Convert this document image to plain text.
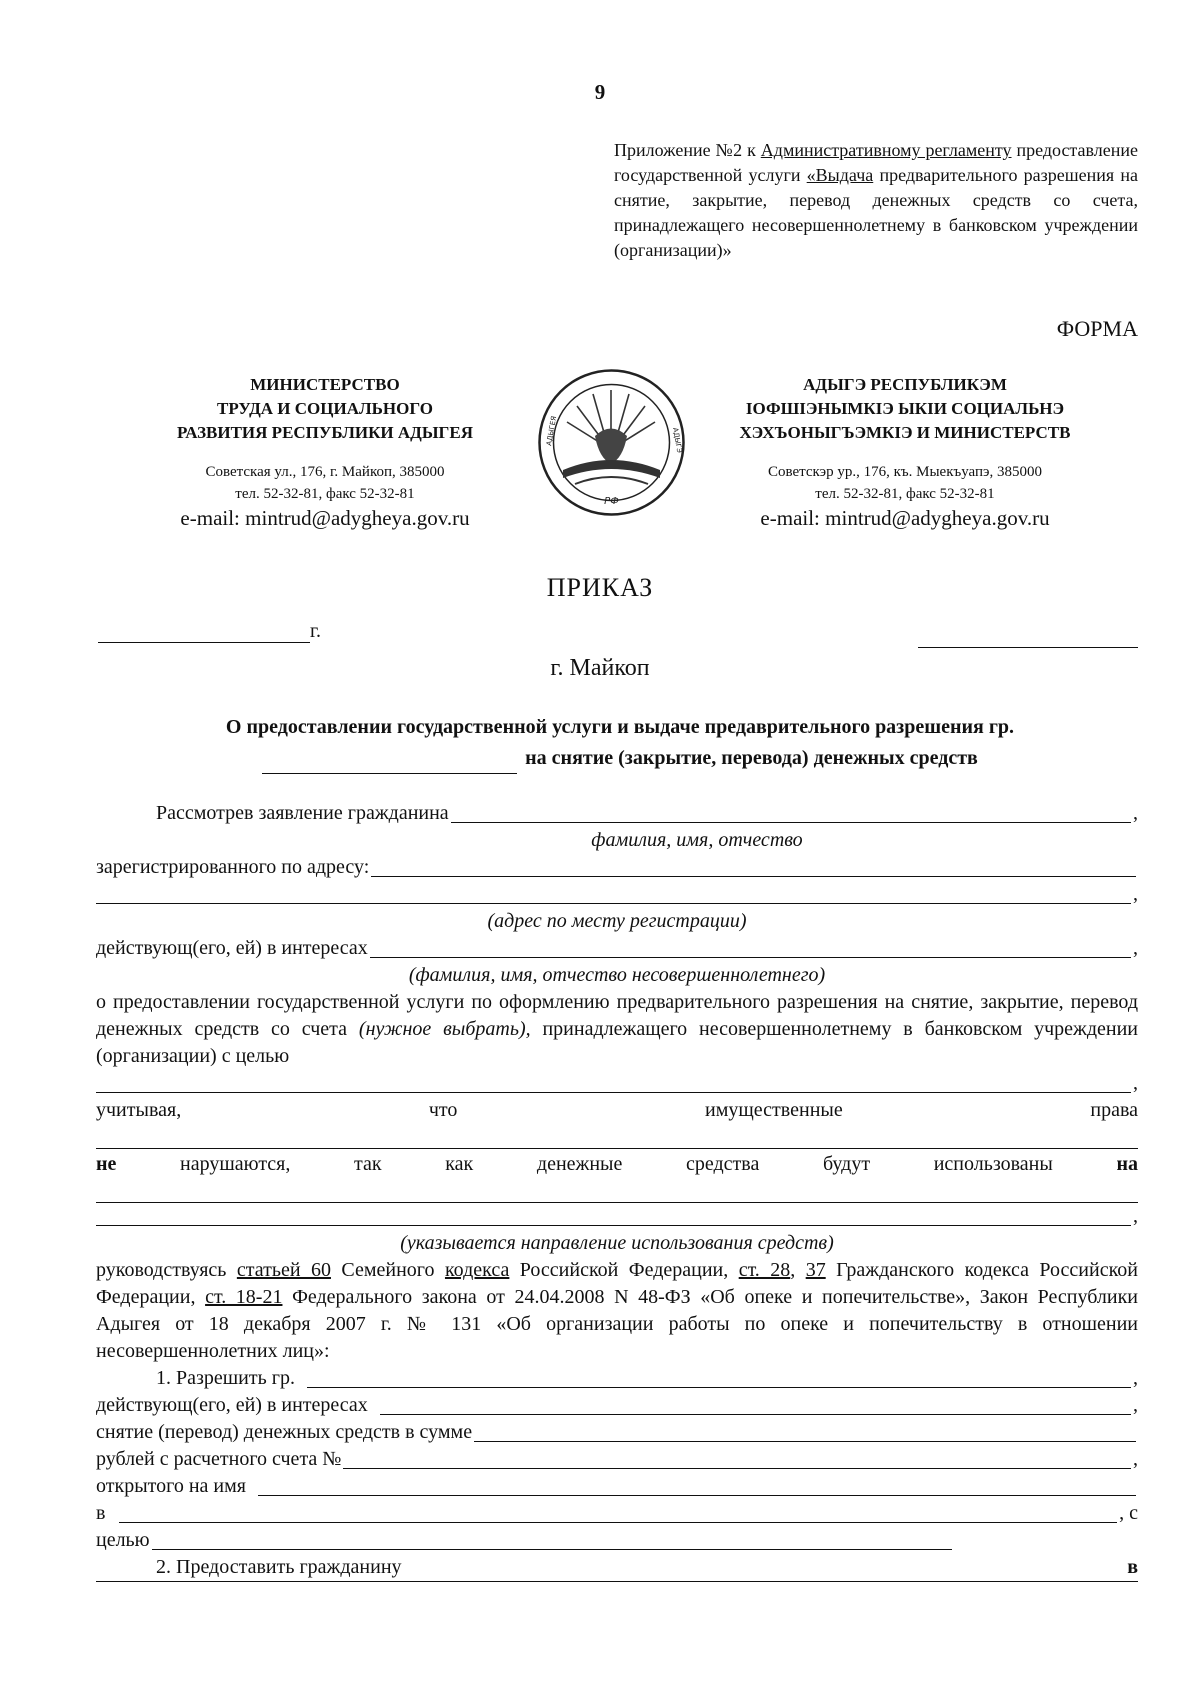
9
Приложение №2 к Административному регламенту предоставление государственной услуги «Выдача предварительного разрешения на снятие, закрытие, перевод денежных средств со счета, принадлежащего несовершеннолетнему в банковском учреждении (организации)»
ФОРМА
МИНИСТЕРСТВО
ТРУДА И СОЦИАЛЬНОГО
РАЗВИТИЯ РЕСПУБЛИКИ АДЫГЕЯ
Советская ул., 176, г. Майкоп, 385000
тел. 52-32-81, факс 52-32-81
e-mail: mintrud@adygheya.gov.ru
РФ
АДЫГЕЯ	АДЫГЭ
АДЫГЭ РЕСПУБЛИКЭМ
IОФШIЭНЫМКIЭ ЫКIИ СОЦИАЛЬНЭ
ХЭХЪОНЫГЪЭМКIЭ И МИНИСТЕРСТВ
Советскэр ур., 176, къ. Мыекъуапэ, 385000
тел. 52-32-81, факс 52-32-81
e-mail: mintrud@adygheya.gov.ru
ПРИКАЗ
г.
г. Майкоп
О предоставлении государственной услуги и выдаче предаврительного разрешения гр.
на снятие (закрытие, перевода) денежных средств
Рассмотрев заявление гражданина	,
фамилия, имя, отчество
зарегистрированного по адресу:
,
(адрес по месту регистрации)
действующ(его, ей) в интересах	,
(фамилия, имя, отчество несовершеннолетнего)
о предоставлении государственной услуги по оформлению предварительного разрешения на снятие, закрытие, перевод денежных средств со счета (нужное выбрать), принадлежащего несовершеннолетнему в банковском учреждении (организации) с целью
,
учитывая,	что	имущественные	права
не	нарушаются,	так	как	денежные	средства	будут	использованы	на
,
(указывается направление использования средств)
руководствуясь статьей 60 Семейного кодекса Российской Федерации, ст. 28, 37 Гражданского кодекса Российской Федерации, ст. 18-21 Федерального закона от 24.04.2008 N 48-ФЗ «Об опеке и попечительстве», Закон Республики Адыгея от 18 декабря 2007 г. № 131 «Об организации работы по опеке и попечительству в отношении несовершеннолетних лиц»:
1. Разрешить гр.	,
действующ(его, ей) в интересах	,
снятие (перевод) денежных средств в сумме
рублей с расчетного счета №	,
открытого на имя
в	, с
целью
2. Предоставить гражданину	в
